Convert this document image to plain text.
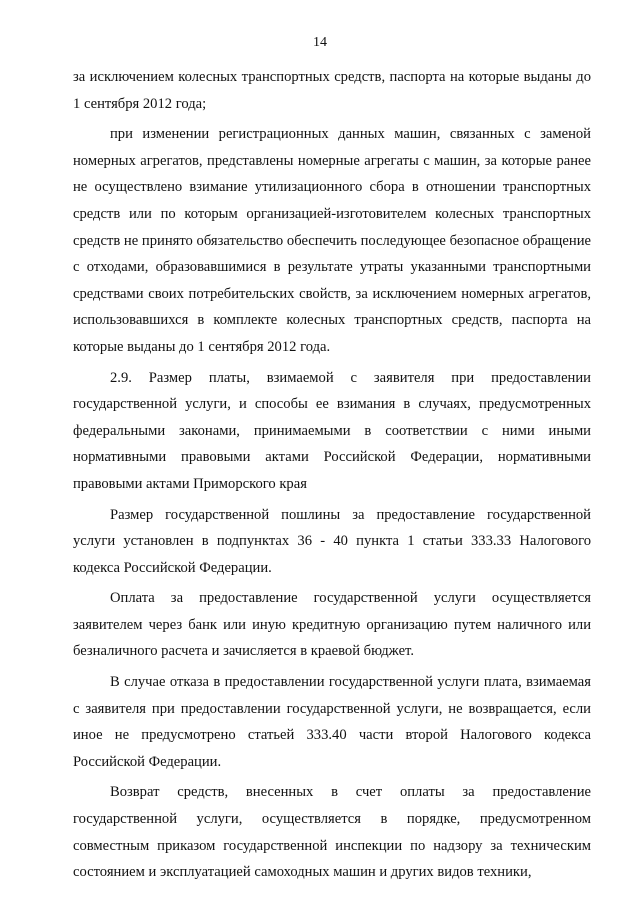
14

за исключением колесных транспортных средств, паспорта на которые выданы до 1 сентября 2012 года;

при изменении регистрационных данных машин, связанных с заменой номерных агрегатов, представлены номерные агрегаты с машин, за которые ранее не осуществлено взимание утилизационного сбора в отношении транспортных средств или по которым организацией-изготовителем колесных транспортных средств не принято обязательство обеспечить последующее безопасное обращение с отходами, образовавшимися в результате утраты указанными транспортными средствами своих потребительских свойств, за исключением номерных агрегатов, использовавшихся в комплекте колесных транспортных средств, паспорта на которые выданы до 1 сентября 2012 года.

2.9. Размер платы, взимаемой с заявителя при предоставлении государственной услуги, и способы ее взимания в случаях, предусмотренных федеральными законами, принимаемыми в соответствии с ними иными нормативными правовыми актами Российской Федерации, нормативными правовыми актами Приморского края

Размер государственной пошлины за предоставление государственной услуги установлен в подпунктах 36 - 40 пункта 1 статьи 333.33 Налогового кодекса Российской Федерации.

Оплата за предоставление государственной услуги осуществляется заявителем через банк или иную кредитную организацию путем наличного или безналичного расчета и зачисляется в краевой бюджет.

В случае отказа в предоставлении государственной услуги плата, взимаемая с заявителя при предоставлении государственной услуги, не возвращается, если иное не предусмотрено статьей 333.40 части второй Налогового кодекса Российской Федерации.

Возврат средств, внесенных в счет оплаты за предоставление государственной услуги, осуществляется в порядке, предусмотренном совместным приказом государственной инспекции по надзору за техническим состоянием и эксплуатацией самоходных машин и других видов техники,
